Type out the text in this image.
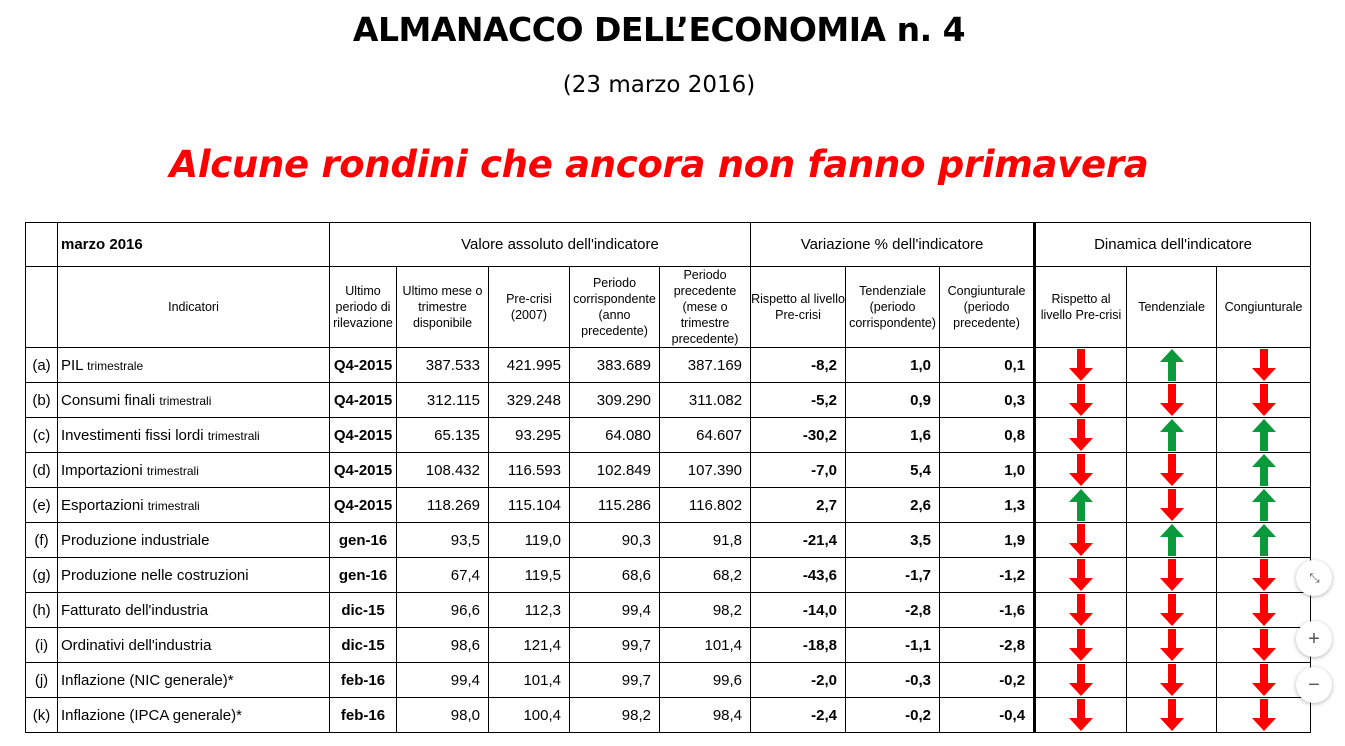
ALMANACCO DELL’ECONOMIA n. 4
(23 marzo 2016)
Alcune rondini che ancora non fanno primavera
	marzo 2016	Valore assoluto dell'indicatore					Variazione % dell'indicatore			Dinamica dell'indicatore		
	Indicatori	Ultimo periodo di rilevazione	Ultimo mese o trimestre disponibile	Pre-crisi (2007)	Periodo corrispondente (anno precedente)	Periodo precedente (mese o trimestre precedente)	Rispetto al livello Pre-crisi	Tendenziale (periodo corrispondente)	Congiunturale (periodo precedente)	Rispetto al livello Pre-crisi	Tendenziale	Congiunturale
(a)	PIL trimestrale	Q4-2015	387.533	421.995	383.689	387.169	-8,2	1,0	0,1	

(b)	Consumi finali trimestrali	Q4-2015	312.115	329.248	309.290	311.082	-5,2	0,9	0,3	

(c)	Investimenti fissi lordi trimestrali	Q4-2015	65.135	93.295	64.080	64.607	-30,2	1,6	0,8	

(d)	Importazioni trimestrali	Q4-2015	108.432	116.593	102.849	107.390	-7,0	5,4	1,0	

(e)	Esportazioni trimestrali	Q4-2015	118.269	115.104	115.286	116.802	2,7	2,6	1,3	

(f)	Produzione industriale	gen-16	93,5	119,0	90,3	91,8	-21,4	3,5	1,9	

(g)	Produzione nelle costruzioni	gen-16	67,4	119,5	68,6	68,2	-43,6	-1,7	-1,2	

(h)	Fatturato dell'industria	dic-15	96,6	112,3	99,4	98,2	-14,0	-2,8	-1,6	

(i)	Ordinativi dell'industria	dic-15	98,6	121,4	99,7	101,4	-18,8	-1,1	-2,8	

(j)	Inflazione (NIC generale)*	feb-16	99,4	101,4	99,7	99,6	-2,0	-0,3	-0,2	

(k)	Inflazione (IPCA generale)*	feb-16	98,0	100,4	98,2	98,4	-2,4	-0,2	-0,4	

⤡
+
−
